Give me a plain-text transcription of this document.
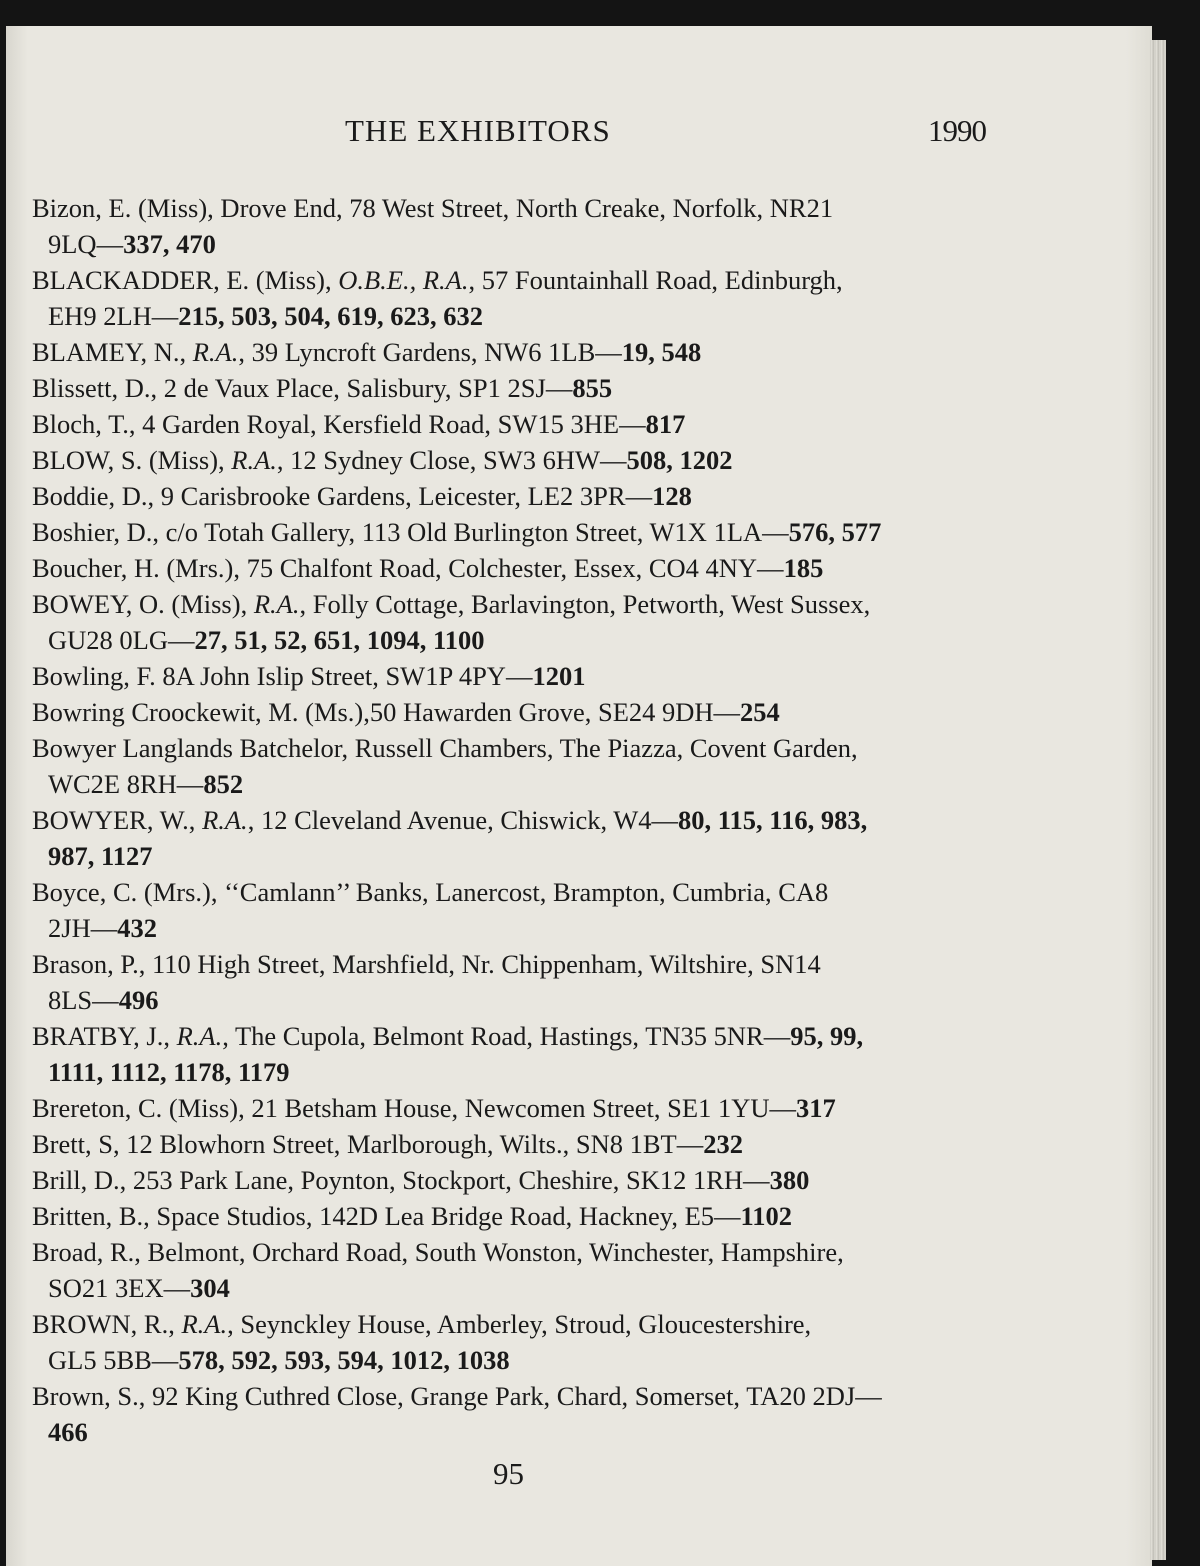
THE EXHIBITORS	1990
Bizon, E. (Miss), Drove End, 78 West Street, North Creake, Norfolk, NR21
9LQ—337, 470
BLACKADDER, E. (Miss), O.B.E., R.A., 57 Fountainhall Road, Edinburgh,
EH9 2LH—215, 503, 504, 619, 623, 632
BLAMEY, N., R.A., 39 Lyncroft Gardens, NW6 1LB—19, 548
Blissett, D., 2 de Vaux Place, Salisbury, SP1 2SJ—855
Bloch, T., 4 Garden Royal, Kersfield Road, SW15 3HE—817
BLOW, S. (Miss), R.A., 12 Sydney Close, SW3 6HW—508, 1202
Boddie, D., 9 Carisbrooke Gardens, Leicester, LE2 3PR—128
Boshier, D., c/o Totah Gallery, 113 Old Burlington Street, W1X 1LA—576, 577
Boucher, H. (Mrs.), 75 Chalfont Road, Colchester, Essex, CO4 4NY—185
BOWEY, O. (Miss), R.A., Folly Cottage, Barlavington, Petworth, West Sussex,
GU28 0LG—27, 51, 52, 651, 1094, 1100
Bowling, F. 8A John Islip Street, SW1P 4PY—1201
Bowring Croockewit, M. (Ms.),50 Hawarden Grove, SE24 9DH—254
Bowyer Langlands Batchelor, Russell Chambers, The Piazza, Covent Garden,
WC2E 8RH—852
BOWYER, W., R.A., 12 Cleveland Avenue, Chiswick, W4—80, 115, 116, 983,
987, 1127
Boyce, C. (Mrs.), ‘‘Camlann’’ Banks, Lanercost, Brampton, Cumbria, CA8
2JH—432
Brason, P., 110 High Street, Marshfield, Nr. Chippenham, Wiltshire, SN14
8LS—496
BRATBY, J., R.A., The Cupola, Belmont Road, Hastings, TN35 5NR—95, 99,
1111, 1112, 1178, 1179
Brereton, C. (Miss), 21 Betsham House, Newcomen Street, SE1 1YU—317
Brett, S, 12 Blowhorn Street, Marlborough, Wilts., SN8 1BT—232
Brill, D., 253 Park Lane, Poynton, Stockport, Cheshire, SK12 1RH—380
Britten, B., Space Studios, 142D Lea Bridge Road, Hackney, E5—1102
Broad, R., Belmont, Orchard Road, South Wonston, Winchester, Hampshire,
SO21 3EX—304
BROWN, R., R.A., Seynckley House, Amberley, Stroud, Gloucestershire,
GL5 5BB—578, 592, 593, 594, 1012, 1038
Brown, S., 92 King Cuthred Close, Grange Park, Chard, Somerset, TA20 2DJ—
466
95
